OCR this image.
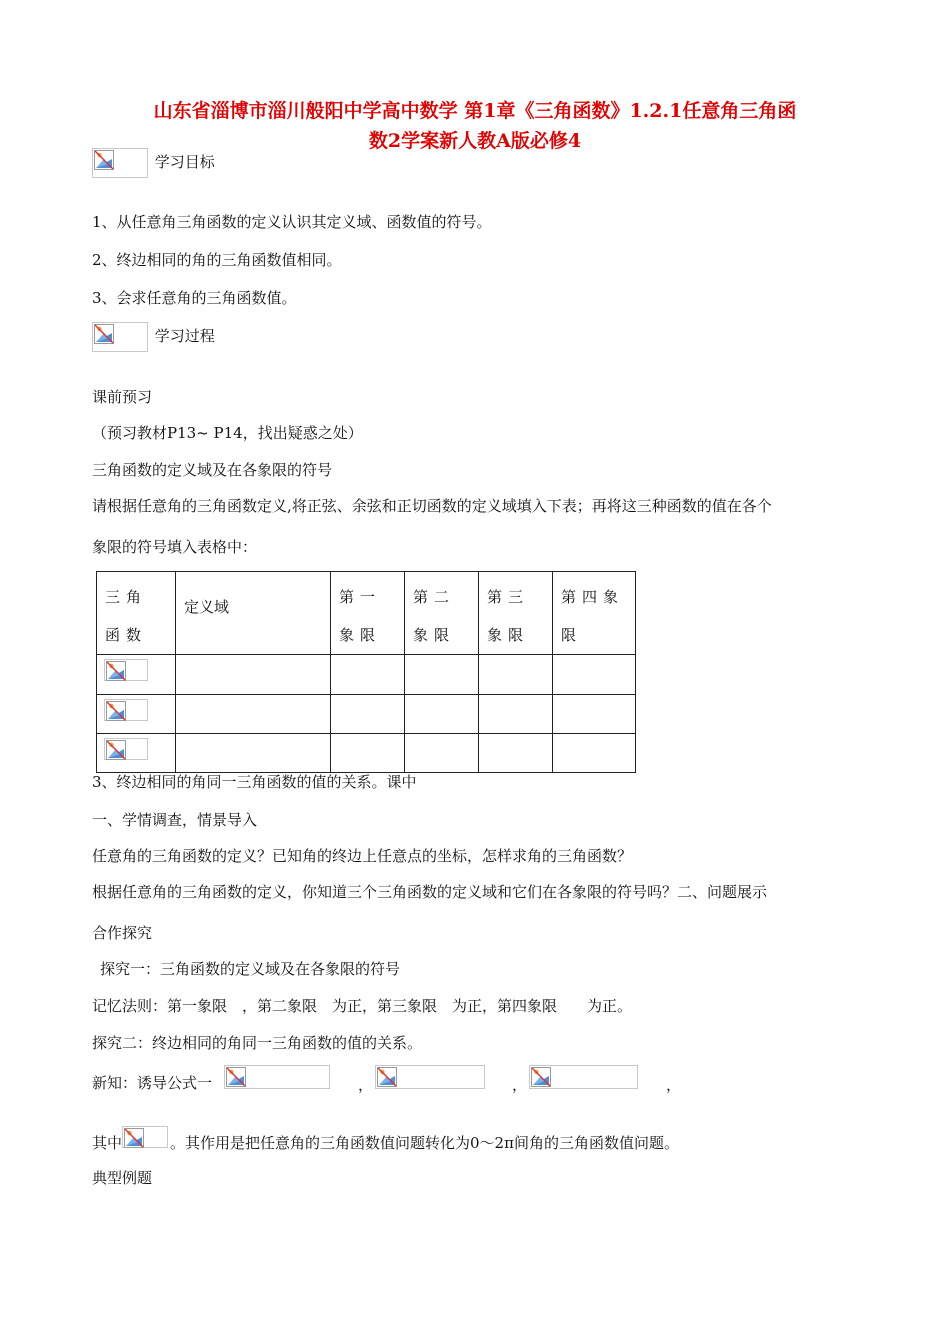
山东省淄博市淄川般阳中学高中数学 第1章《三角函数》1.2.1任意角三角函
数2学案新人教A版必修4
学习目标
1、从任意角三角函数的定义认识其定义域、函数值的符号。
2、终边相同的角的三角函数值相同。
3、会求任意角的三角函数值。
学习过程
课前预习
（预习教材P13~ P14，找出疑惑之处）
三角函数的定义域及在各象限的符号
请根据任意角的三角函数定义,将正弦、余弦和正切函数的定义域填入下表；再将这三种函数的值在各个
象限的符号填入表格中：
三角函数	定义域	第一象限	第二象限	第三象限	第四象限

3、终边相同的角同一三角函数的值的关系。课中
一、学情调查，情景导入
任意角的三角函数的定义？已知角的终边上任意点的坐标，怎样求角的三角函数？
根据任意角的三角函数的定义，你知道三个三角函数的定义域和它们在各象限的符号吗？二、问题展示
合作探究
探究一：三角函数的定义域及在各象限的符号
记忆法则：第一象限　，第二象限　为正，第三象限　为正，第四象限　　为正。
探究二：终边相同的角同一三角函数的值的关系。
新知：诱导公式一	，	，	，
其中	。其作用是把任意角的三角函数值问题转化为0～2π间角的三角函数值问题。
典型例题
